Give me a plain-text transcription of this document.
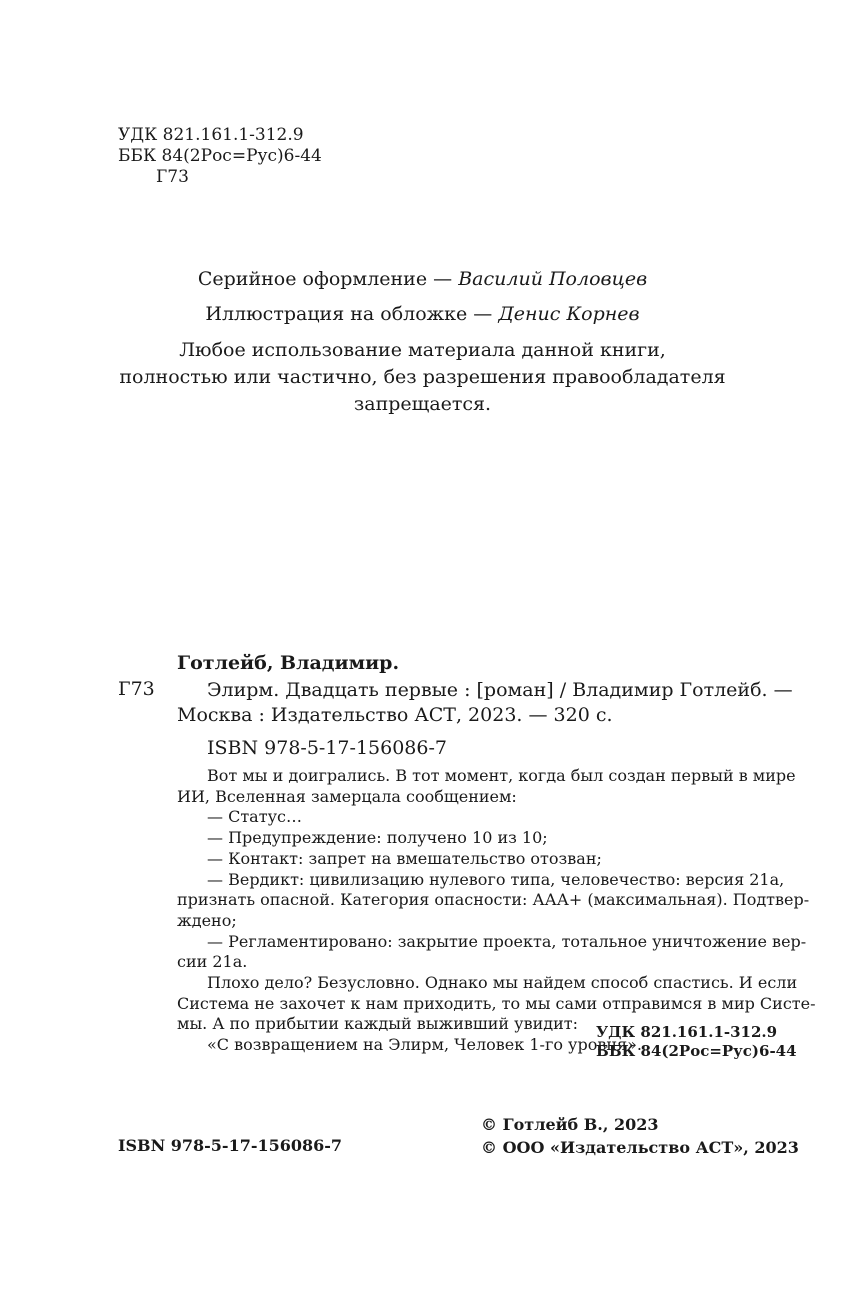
УДК 821.161.1-312.9
ББК 84(2Рос=Рус)6-44
Г73
Серийное оформление — Василий Половцев
Иллюстрация на обложке — Денис Корнев
Любое использование материала данной книги,
полностью или частично, без разрешения правообладателя
запрещается.
Готлейб, Владимир.
Г73	Элирм. Двадцать первые : [роман] / Владимир Готлейб. —
Москва : Издательство АСТ, 2023. — 320 с.
ISBN 978-5-17-156086-7
Вот мы и доигрались. В тот момент, когда был создан первый в мире
ИИ, Вселенная замерцала сообщением:
— Статус…
— Предупреждение: получено 10 из 10;
— Контакт: запрет на вмешательство отозван;
— Вердикт: цивилизацию нулевого типа, человечество: версия 21а,
признать опасной. Категория опасности: ААА+ (максимальная). Подтвер-
ждено;
— Регламентировано: закрытие проекта, тотальное уничтожение вер-
сии 21а.
Плохо дело? Безусловно. Однако мы найдем способ спастись. И если
Система не захочет к нам приходить, то мы сами отправимся в мир Систе-
мы. А по прибытии каждый выживший увидит:
«С возвращением на Элирм, Человек 1-го уровня».
УДК 821.161.1-312.9
ББК 84(2Рос=Рус)6-44
© Готлейб В., 2023
© ООО «Издательство АСТ», 2023
ISBN 978-5-17-156086-7
